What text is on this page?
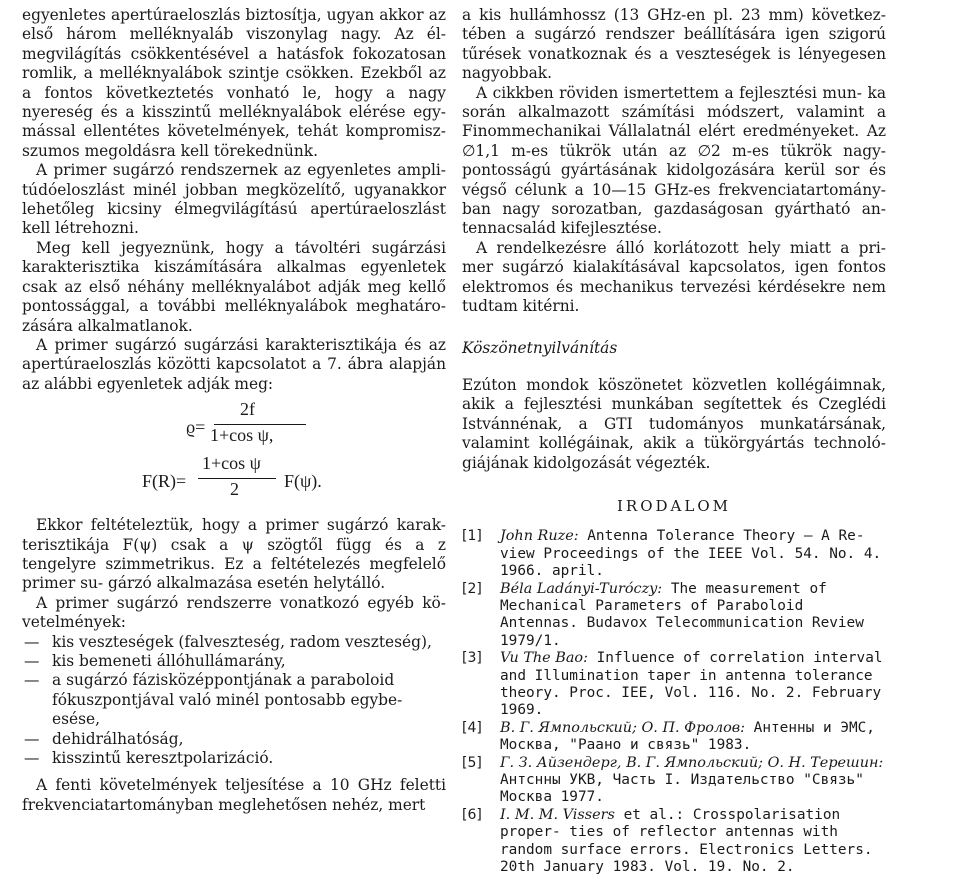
egyenletes apertúraeloszlás biztosítja, ugyan akkor az első három melléknyaláb viszonylag nagy. Az él- megvilágítás csökkentésével a hatásfok fokozatosan romlik, a melléknyalábok szintje csökken. Ezekből az a fontos következtetés vonható le, hogy a nagy nyereség és a kisszintű melléknyalábok elérése egy- mással ellentétes követelmények, tehát kompromisz- szumos megoldásra kell törekednünk.

A primer sugárzó rendszernek az egyenletes ampli- túdóeloszlást minél jobban megközelítő, ugyanakkor lehetőleg kicsiny élmegvilágítású apertúraeloszlást kell létrehozni.

Meg kell jegyeznünk, hogy a távoltéri sugárzási karakterisztika kiszámítására alkalmas egyenletek csak az első néhány melléknyalábot adják meg kellő pontossággal, a további melléknyalábok meghatáro- zására alkalmatlanok.

A primer sugárzó sugárzási karakterisztikája és az apertúraeloszlás közötti kapcsolatot a 7. ábra alapján az alábbi egyenletek adják meg:

ϱ=
2f
1+cos ψ,
F(R)=
1+cos ψ
2	F(ψ).

Ekkor feltételeztük, hogy a primer sugárzó karak- terisztikája F(ψ) csak a ψ szögtől függ és a z tengelyre szimmetrikus. Ez a feltételezés megfelelő primer su- gárzó alkalmazása esetén helytálló.

A primer sugárzó rendszerre vonatkozó egyéb kö- vetelmények:

— kis veszteségek (falveszteség, radom veszteség),
— kis bemeneti állóhullámarány,
— a sugárzó fázisközéppontjának a paraboloid fókuszpontjával való minél pontosabb egybe- esése,
— dehidrálhatóság,
— kisszintű keresztpolarizáció.

A fenti követelmények teljesítése a 10 GHz feletti frekvenciatartományban meglehetősen nehéz, mert

a kis hullámhossz (13 GHz-en pl. 23 mm) következ- tében a sugárzó rendszer beállítására igen szigorú tűrések vonatkoznak és a veszteségek is lényegesen nagyobbak.

A cikkben röviden ismertettem a fejlesztési mun- ka során alkalmazott számítási módszert, valamint a Finommechanikai Vállalatnál elért eredményeket. Az ∅1,1 m-es tükrök után az ∅2 m-es tükrök nagy- pontosságú gyártásának kidolgozására kerül sor és végső célunk a 10—15 GHz-es frekvenciatartomány- ban nagy sorozatban, gazdaságosan gyártható an- tennacsalád kifejlesztése.

A rendelkezésre álló korlátozott hely miatt a pri- mer sugárzó kialakításával kapcsolatos, igen fontos elektromos és mechanikus tervezési kérdésekre nem tudtam kitérni.

Köszönetnyilvánítás

Ezúton mondok köszönetet közvetlen kollégáimnak, akik a fejlesztési munkában segítettek és Czeglédi Istvánnénak, a GTI tudományos munkatársának, valamint kollégáinak, akik a tükörgyártás technoló- giájának kidolgozását végezték.

IRODALOM
[1] John Ruze: Antenna Tolerance Theory — A Re- view Proceedings of the IEEE Vol. 54. No. 4. 1966. april.
[2] Béla Ladányi-Turóczy: The measurement of Mechanical Parameters of Paraboloid Antennas. Budavox Telecommunication Review 1979/1.
[3] Vu The Bao: Influence of correlation interval and Illumination taper in antenna tolerance theory. Proc. IEE, Vol. 116. No. 2. February 1969.
[4] В. Г. Ямпольский; О. П. Фролов: Антенны и ЭМС, Москва, "Раано и связь" 1983.
[5] Г. З. Айзендерг, В. Г. Ямпольский; О. Н. Терешин: Антснны УКВ, Часть I. Издательство "Связь" Москва 1977.
[6] I. M. M. Vissers et al.: Crosspolarisation proper- ties of reflector antennas with random surface errors. Electronics Letters. 20th January 1983. Vol. 19. No. 2.
